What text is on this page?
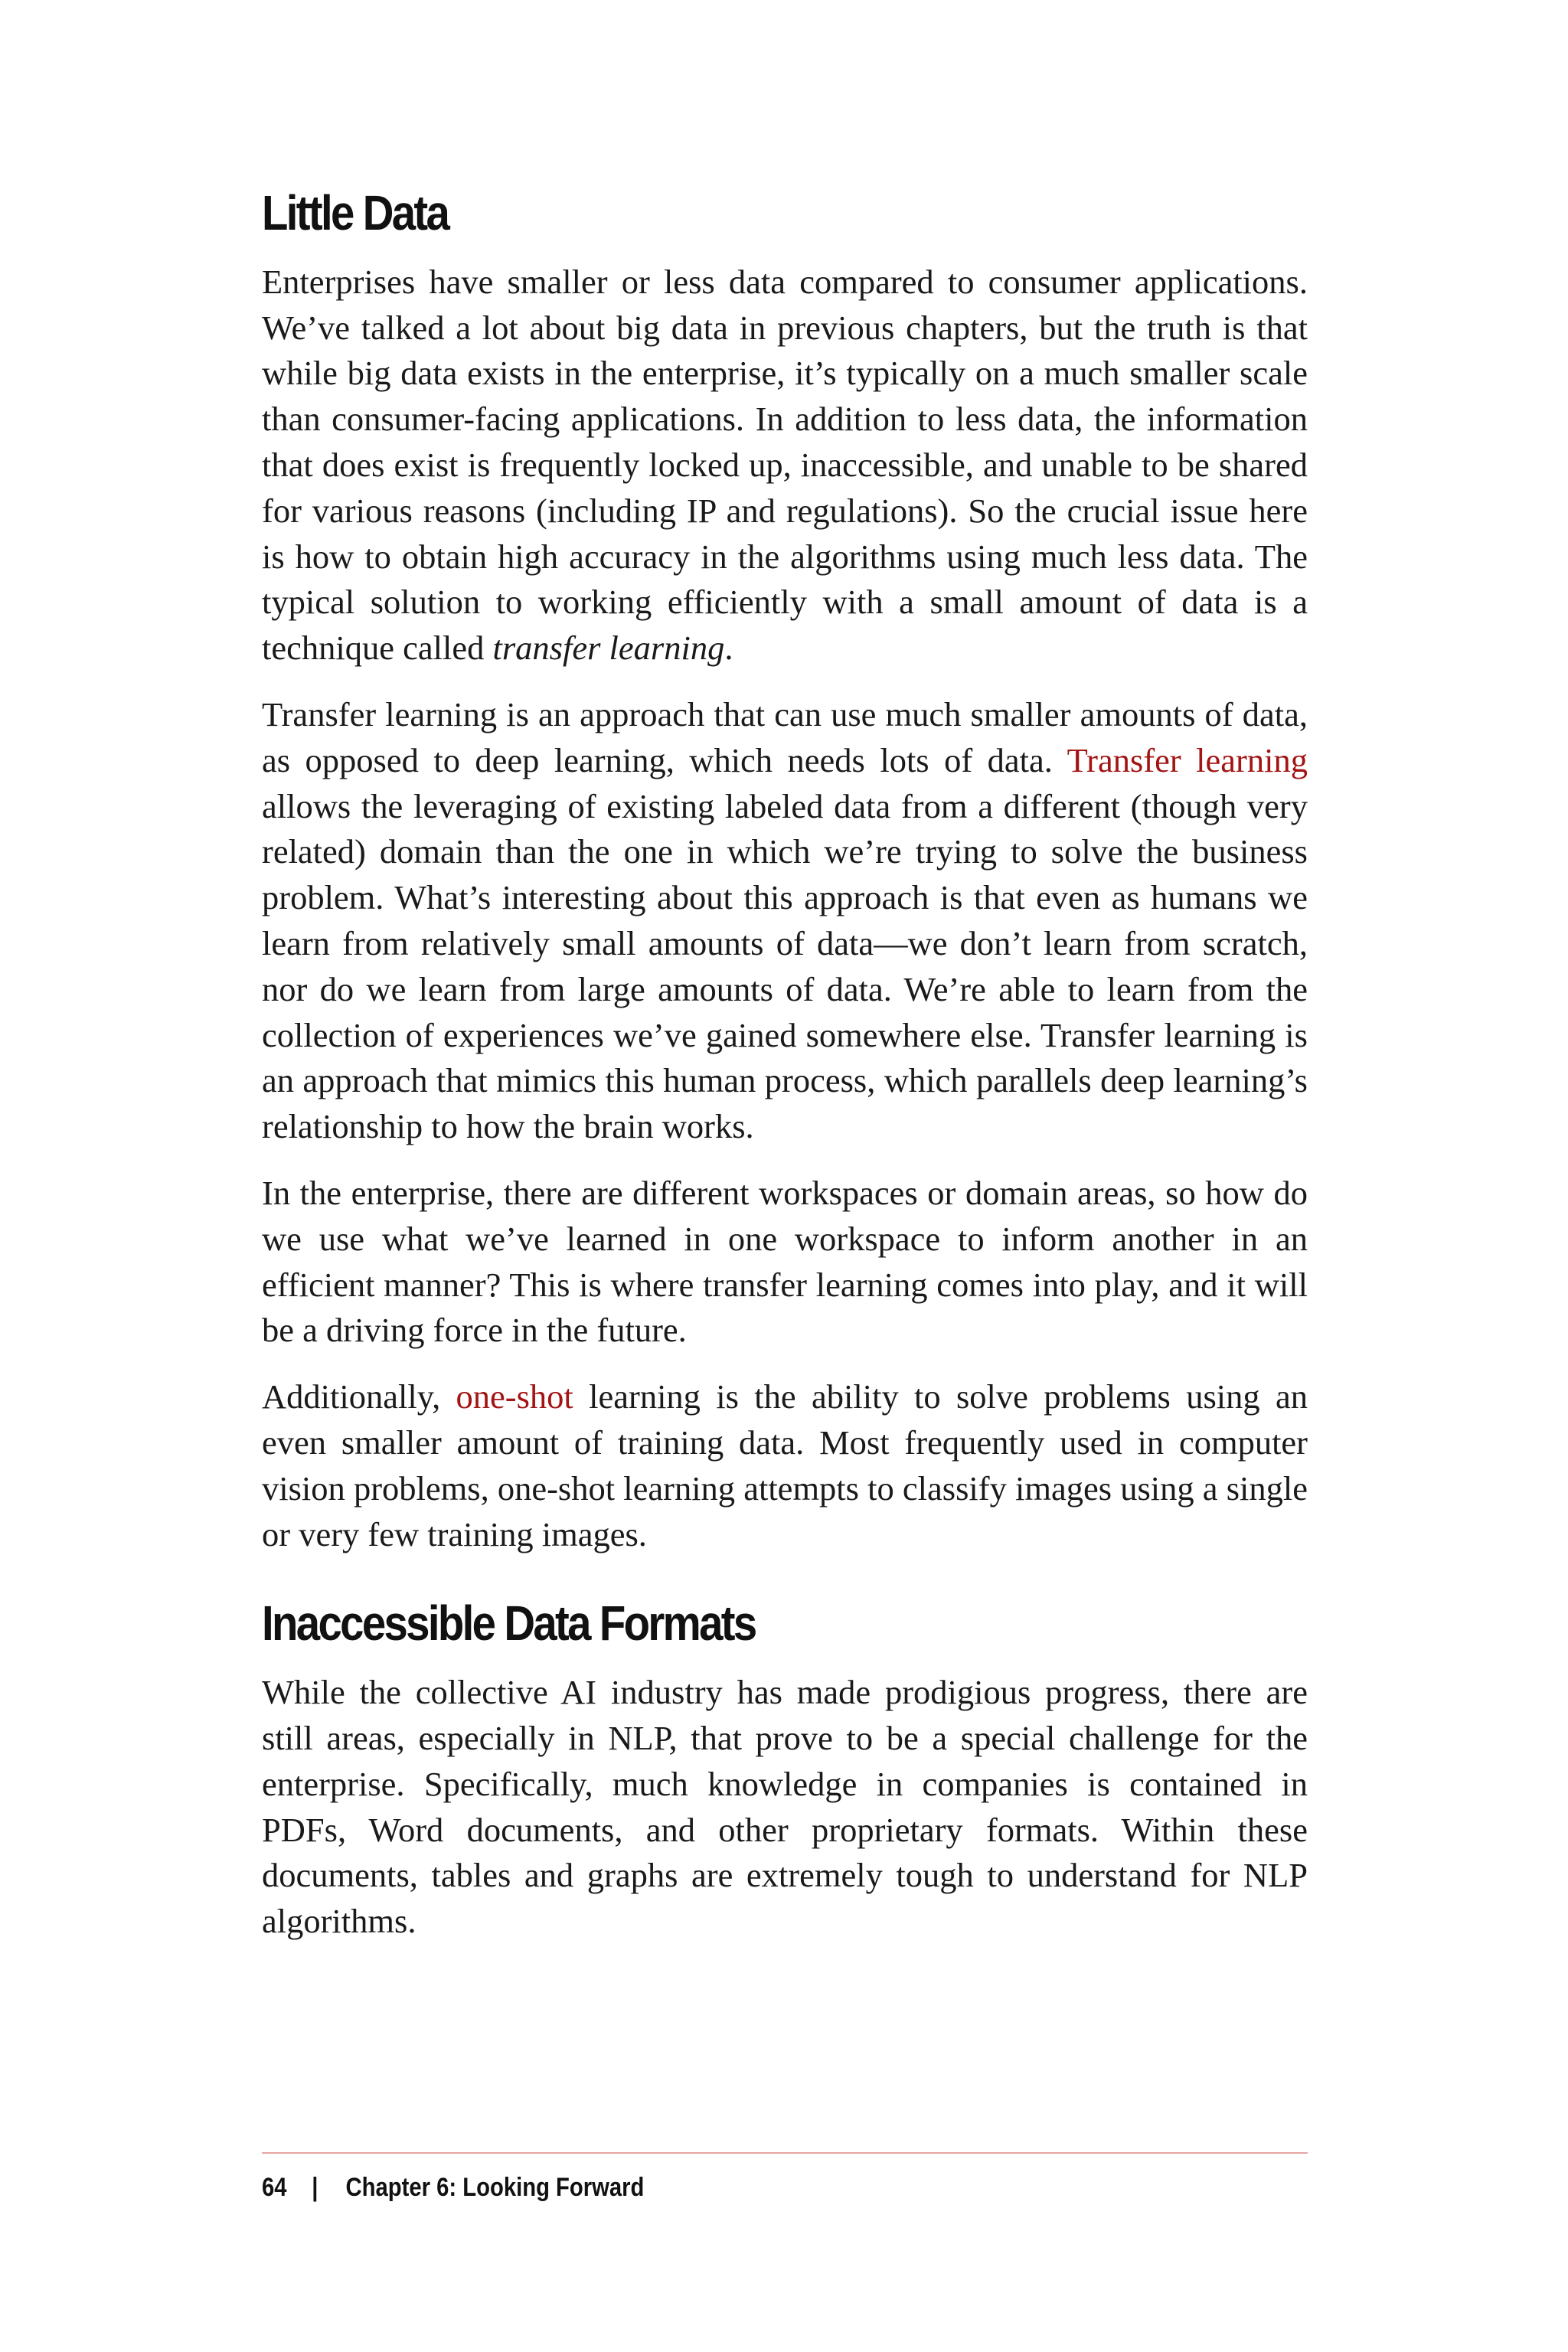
Little Data

Enterprises have smaller or less data compared to consumer applications. We’ve talked a lot about big data in previous chapters, but the truth is that while big data exists in the enterprise, it’s typically on a much smaller scale than consumer-facing applications. In addition to less data, the information that does exist is frequently locked up, inaccessible, and unable to be shared for various reasons (including IP and regulations). So the crucial issue here is how to obtain high accuracy in the algorithms using much less data. The typical solution to working efficiently with a small amount of data is a technique called transfer learning.

Transfer learning is an approach that can use much smaller amounts of data, as opposed to deep learning, which needs lots of data. Transfer learning allows the leveraging of existing labeled data from a different (though very related) domain than the one in which we’re trying to solve the business problem. What’s interesting about this approach is that even as humans we learn from relatively small amounts of data—we don’t learn from scratch, nor do we learn from large amounts of data. We’re able to learn from the collection of experiences we’ve gained somewhere else. Transfer learning is an approach that mimics this human process, which parallels deep learning’s relationship to how the brain works.

In the enterprise, there are different workspaces or domain areas, so how do we use what we’ve learned in one workspace to inform another in an efficient manner? This is where transfer learning comes into play, and it will be a driving force in the future.

Additionally, one-shot learning is the ability to solve problems using an even smaller amount of training data. Most frequently used in computer vision problems, one-shot learning attempts to classify images using a single or very few training images.

Inaccessible Data Formats

While the collective AI industry has made prodigious progress, there are still areas, especially in NLP, that prove to be a special challenge for the enterprise. Specifically, much knowledge in companies is contained in PDFs, Word documents, and other proprietary formats. Within these documents, tables and graphs are extremely tough to understand for NLP algorithms.

64 | Chapter 6: Looking Forward
